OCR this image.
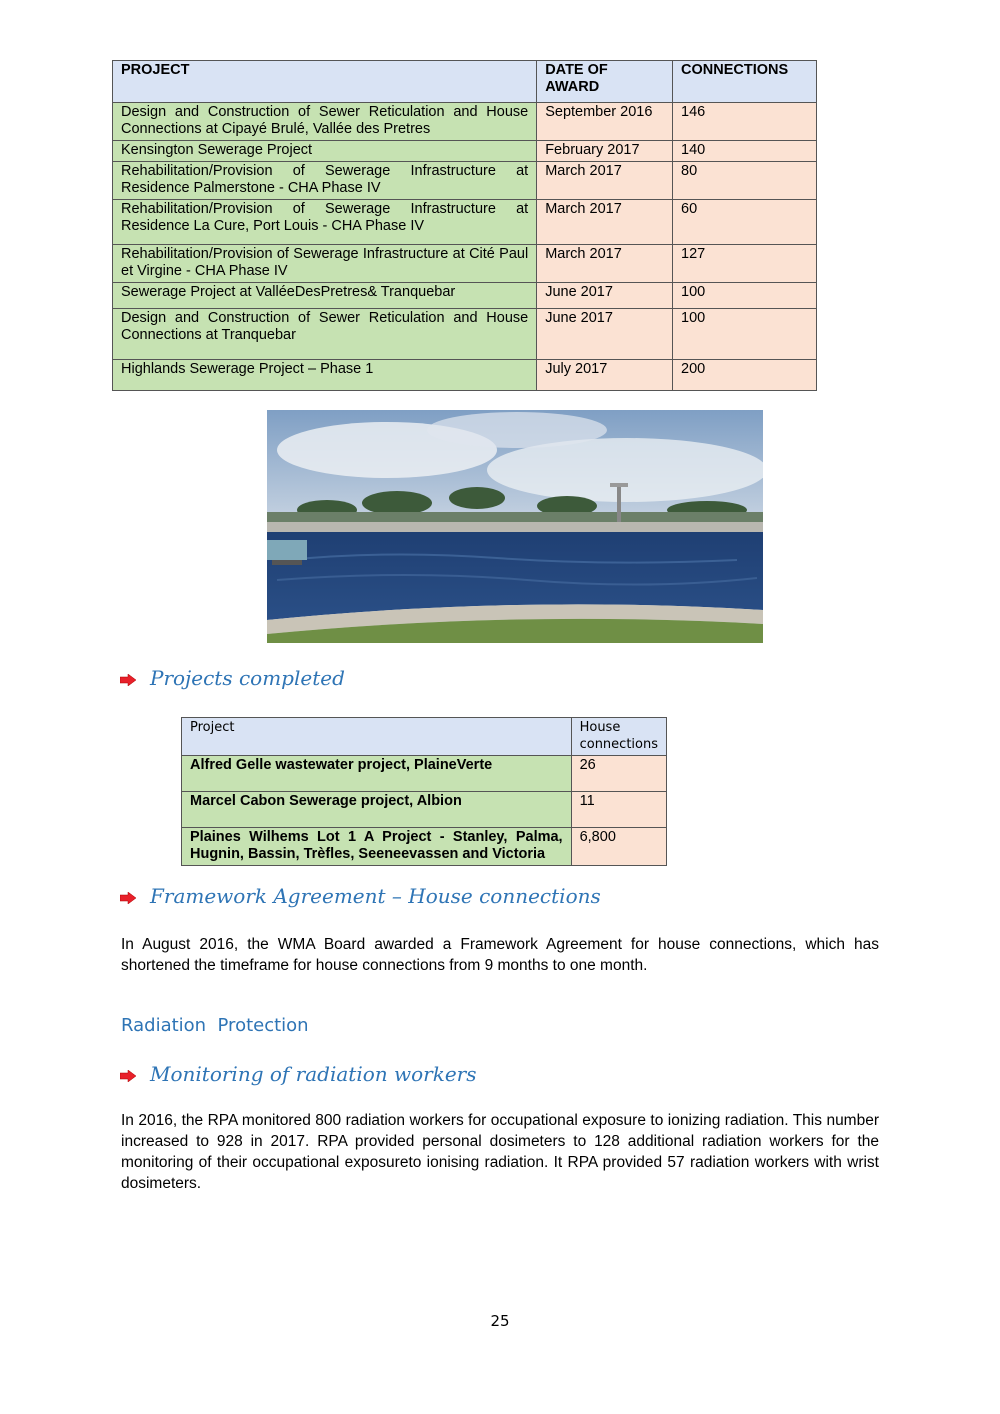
PROJECT	DATE OF AWARD	CONNECTIONS
Design and Construction of Sewer Reticulation and House Connections at Cipayé Brulé, Vallée des Pretres	September 2016	146
Kensington Sewerage Project	February 2017	140
Rehabilitation/Provision of Sewerage Infrastructure at Residence Palmerstone - CHA Phase IV	March 2017	80
Rehabilitation/Provision of Sewerage Infrastructure at Residence La Cure, Port Louis - CHA Phase IV	March 2017	60
Rehabilitation/Provision of Sewerage Infrastructure at Cité Paul et Virgine - CHA Phase IV	March 2017	127
Sewerage Project at ValléeDesPretres& Tranquebar	June 2017	100
Design and Construction of Sewer Reticulation and House Connections at Tranquebar	June 2017	100
Highlands Sewerage Project – Phase 1	July 2017	200
Projects completed
Project	House connections
Alfred Gelle wastewater project, PlaineVerte	26
Marcel Cabon Sewerage project, Albion	11
Plaines Wilhems Lot 1 A Project - Stanley, Palma, Hugnin, Bassin, Trèfles, Seeneevassen and Victoria	6,800
Framework Agreement – House connections
In August 2016, the WMA Board awarded a Framework Agreement for house connections, which has shortened the timeframe for house connections from 9 months to one month.
Radiation  Protection
Monitoring of radiation workers
In 2016, the RPA monitored 800 radiation workers for occupational exposure to ionizing radiation. This number increased to 928 in 2017. RPA provided personal dosimeters to 128 additional radiation workers for the monitoring of their occupational exposureto ionising radiation. It RPA provided 57 radiation workers with wrist dosimeters.
25
